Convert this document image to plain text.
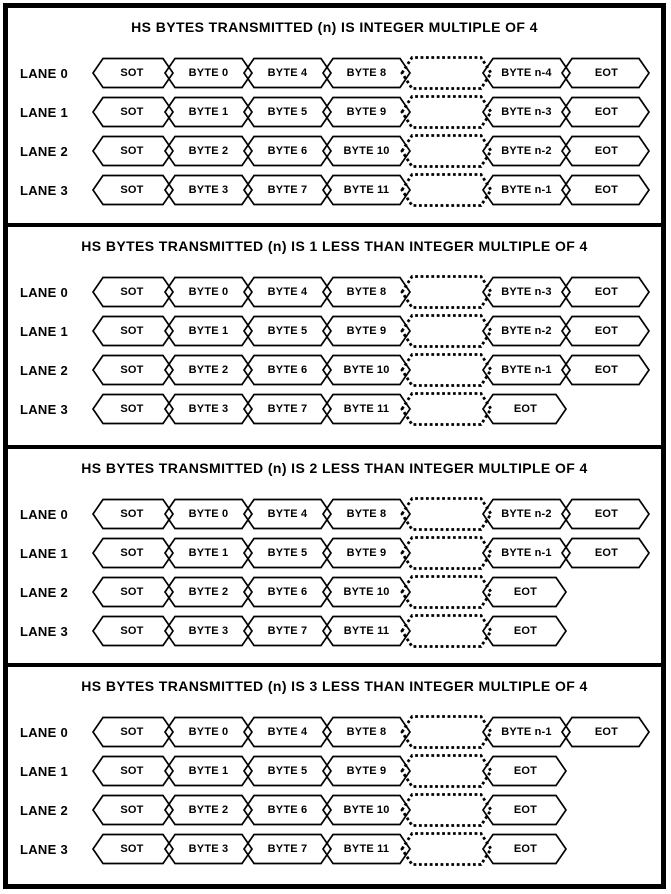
HS BYTES TRANSMITTED (n) IS INTEGER MULTIPLE OF 4
LANE 0	SOT	BYTE 0	BYTE 4	BYTE 8	BYTE n-4	EOT
LANE 1	SOT	BYTE 1	BYTE 5	BYTE 9	BYTE n-3	EOT
LANE 2	SOT	BYTE 2	BYTE 6	BYTE 10	BYTE n-2	EOT
LANE 3	SOT	BYTE 3	BYTE 7	BYTE 11	BYTE n-1	EOT
HS BYTES TRANSMITTED (n) IS 1 LESS THAN INTEGER MULTIPLE OF 4
LANE 0	SOT	BYTE 0	BYTE 4	BYTE 8	BYTE n-3	EOT
LANE 1	SOT	BYTE 1	BYTE 5	BYTE 9	BYTE n-2	EOT
LANE 2	SOT	BYTE 2	BYTE 6	BYTE 10	BYTE n-1	EOT
LANE 3	SOT	BYTE 3	BYTE 7	BYTE 11	EOT
HS BYTES TRANSMITTED (n) IS 2 LESS THAN INTEGER MULTIPLE OF 4
LANE 0	SOT	BYTE 0	BYTE 4	BYTE 8	BYTE n-2	EOT
LANE 1	SOT	BYTE 1	BYTE 5	BYTE 9	BYTE n-1	EOT
LANE 2	SOT	BYTE 2	BYTE 6	BYTE 10	EOT
LANE 3	SOT	BYTE 3	BYTE 7	BYTE 11	EOT
HS BYTES TRANSMITTED (n) IS 3 LESS THAN INTEGER MULTIPLE OF 4
LANE 0	SOT	BYTE 0	BYTE 4	BYTE 8	BYTE n-1	EOT
LANE 1	SOT	BYTE 1	BYTE 5	BYTE 9	EOT
LANE 2	SOT	BYTE 2	BYTE 6	BYTE 10	EOT
LANE 3	SOT	BYTE 3	BYTE 7	BYTE 11	EOT
